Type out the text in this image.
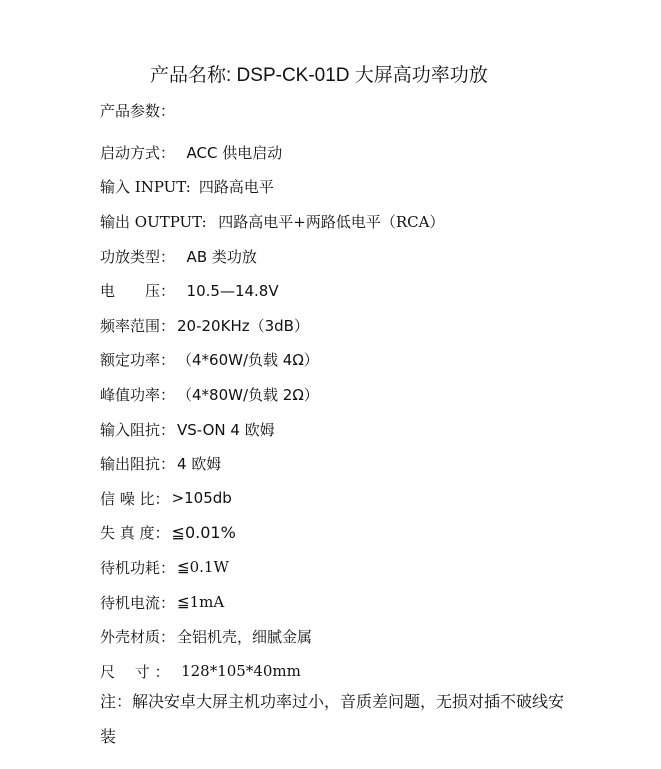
产品名称: DSP-CK-01D 大屏高功率功放
产品参数：
启动方式： ACC 供电启动
输入 INPUT: 四路高电平
输出 OUTPUT: 四路高电平+两路低电平（RCA）
功放类型： AB 类功放
电　　压： 10.5—14.8V
频率范围： 20-20KHz（3dB）
额定功率： （4*60W/负载 4Ω）
峰值功率： （4*80W/负载 2Ω）
输入阻抗： VS-ON 4 欧姆
输出阻抗： 4 欧姆
信 噪 比： >105db
失 真 度： ≦0.01%
待机功耗： ≦0.1W
待机电流： ≦1mA
外壳材质： 全铝机壳，细腻金属
尺　 寸 ： 128*105*40mm
注：解决安卓大屏主机功率过小，音质差问题，无损对插不破线安装
